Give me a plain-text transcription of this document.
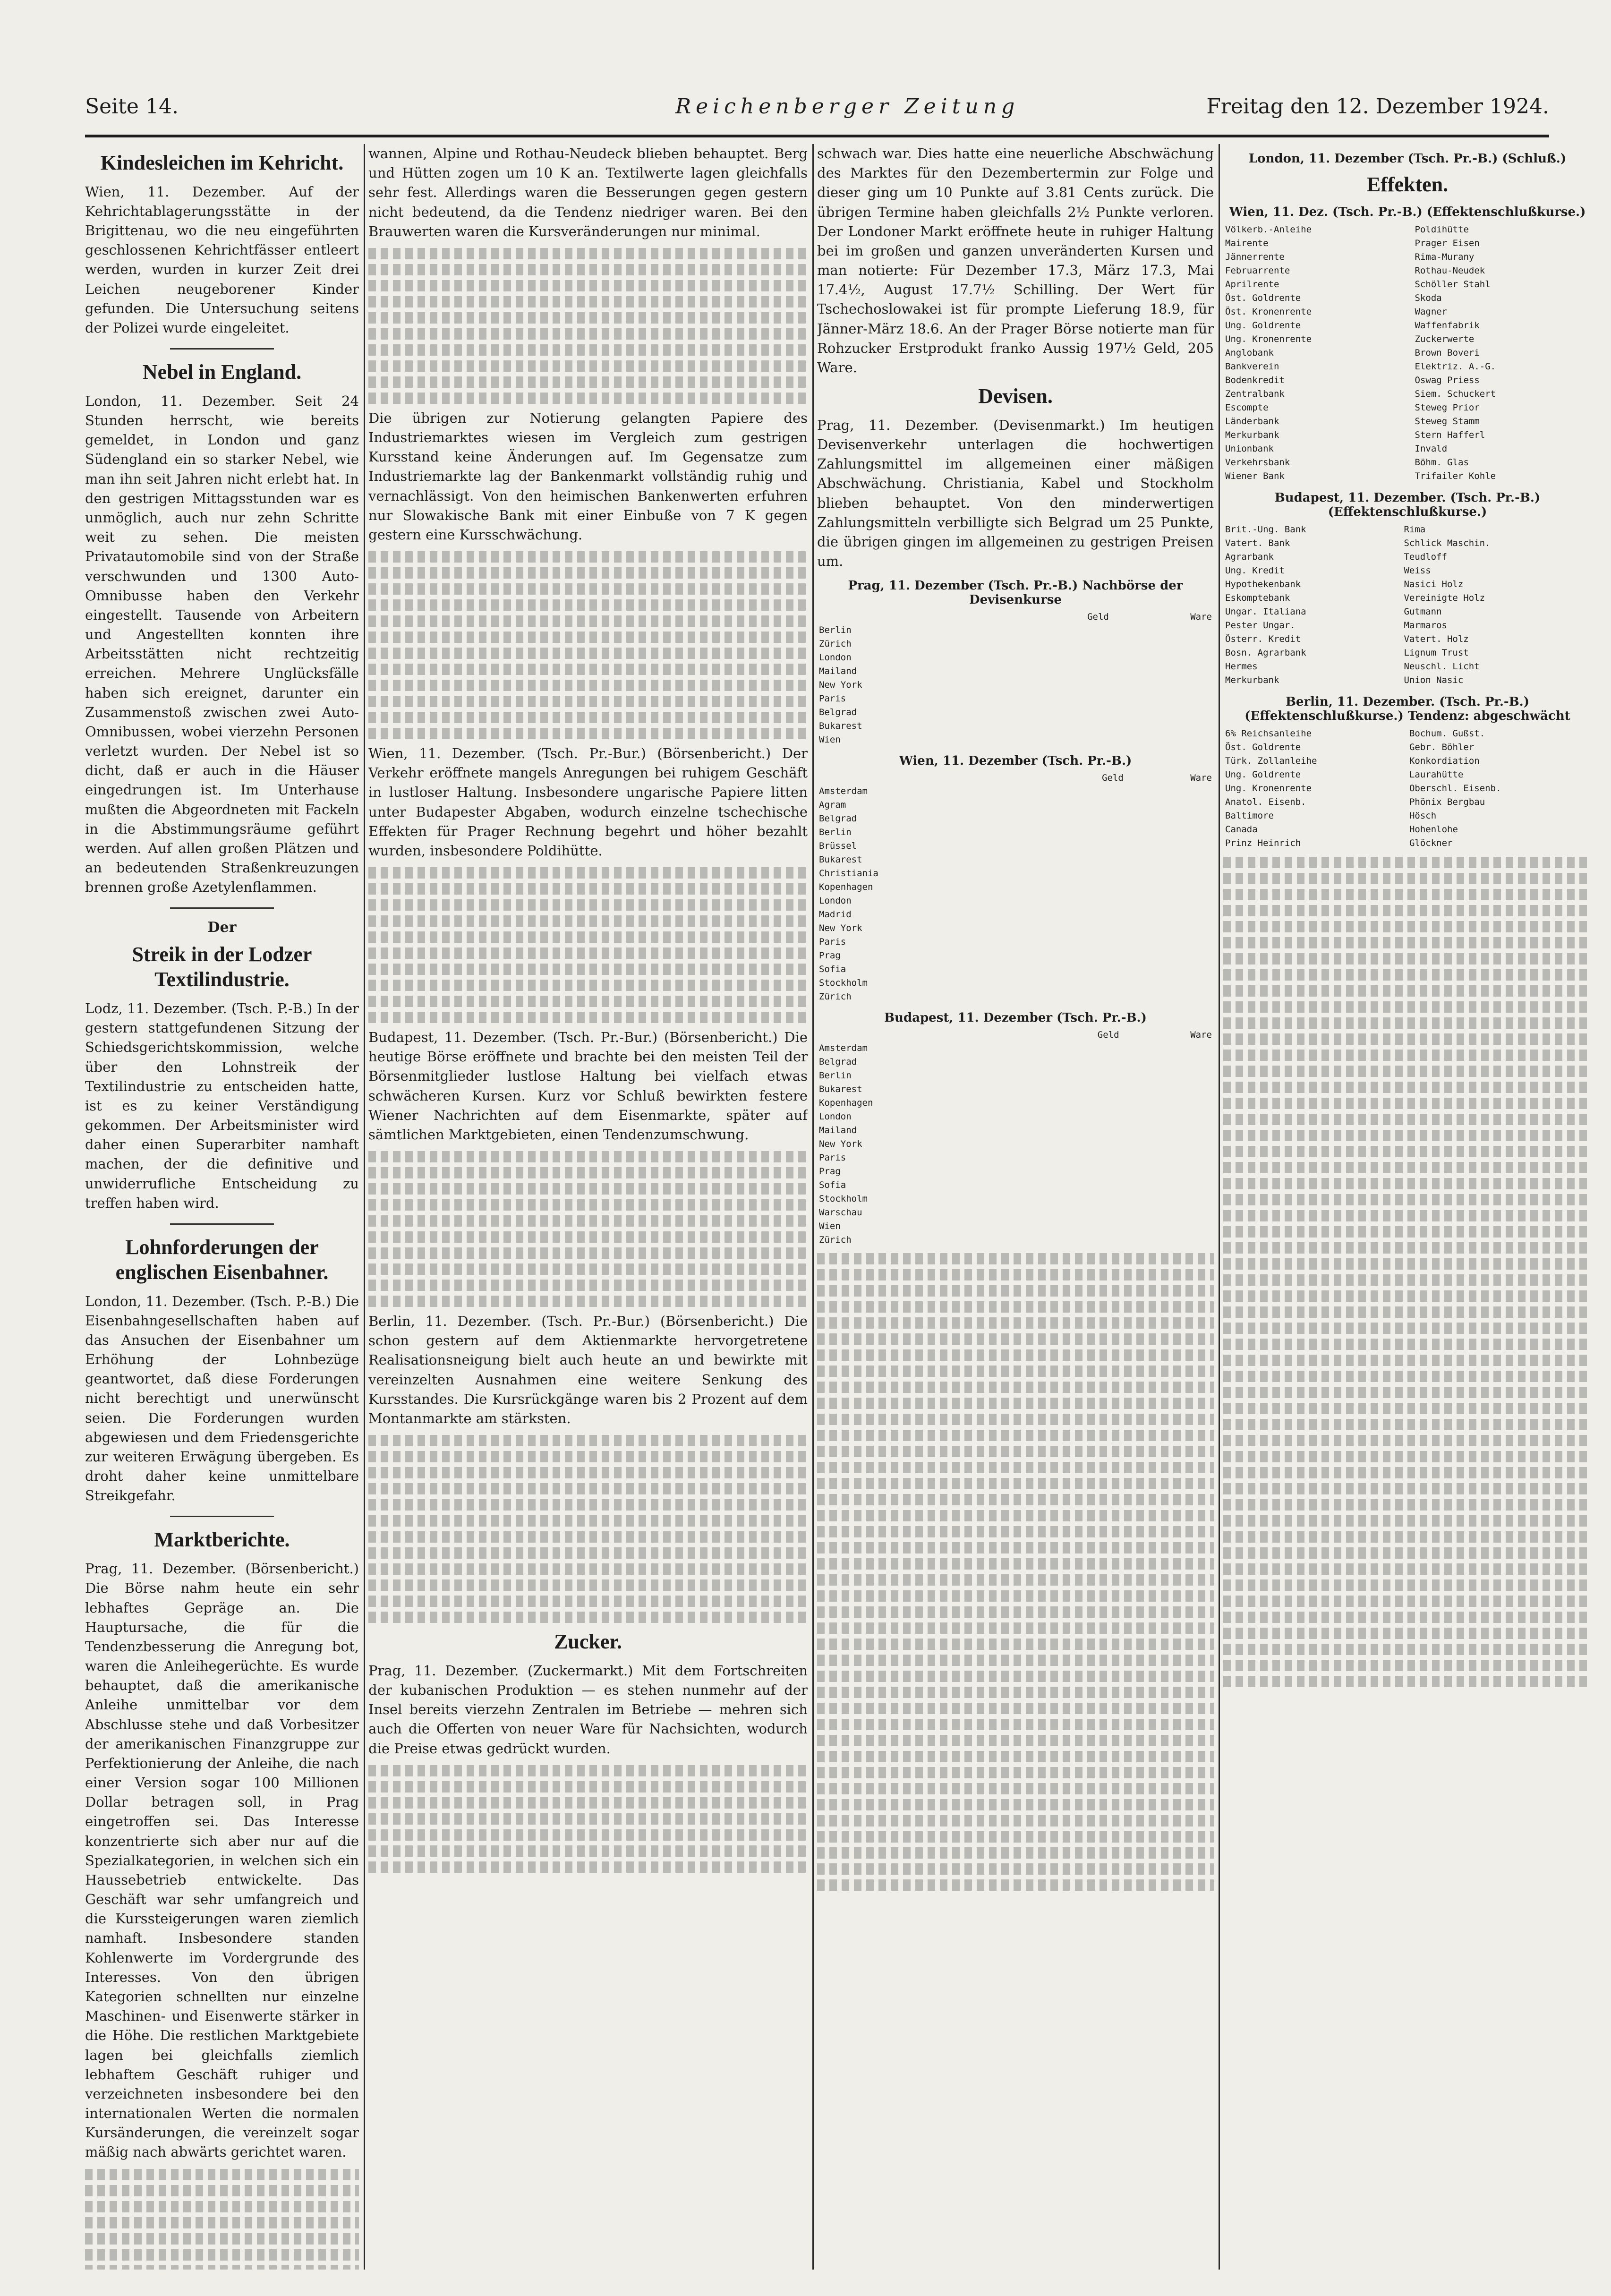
Seite 14.	Reichenberger Zeitung	Freitag den 12. Dezember 1924.
Kindesleichen im Kehricht.

Wien, 11. Dezember. Auf der Kehrichtablagerungsstätte in der Brigittenau, wo die neu eingeführten geschlossenen Kehrichtfässer entleert werden, wurden in kurzer Zeit drei Leichen neugeborener Kinder gefunden. Die Untersuchung seitens der Polizei wurde eingeleitet.

Nebel in England.

London, 11. Dezember. Seit 24 Stunden herrscht, wie bereits gemeldet, in London und ganz Südengland ein so starker Nebel, wie man ihn seit Jahren nicht erlebt hat. In den gestrigen Mittagsstunden war es unmöglich, auch nur zehn Schritte weit zu sehen. Die meisten Privatautomobile sind von der Straße verschwunden und 1300 Auto-Omnibusse haben den Verkehr eingestellt. Tausende von Arbeitern und Angestellten konnten ihre Arbeitsstätten nicht rechtzeitig erreichen. Mehrere Unglücksfälle haben sich ereignet, darunter ein Zusammenstoß zwischen zwei Auto-Omnibussen, wobei vierzehn Personen verletzt wurden. Der Nebel ist so dicht, daß er auch in die Häuser eingedrungen ist. Im Unterhause mußten die Abgeordneten mit Fackeln in die Abstimmungsräume geführt werden. Auf allen großen Plätzen und an bedeutenden Straßenkreuzungen brennen große Azetylenflammen.

Der
Streik in der Lodzer Textilindustrie.

Lodz, 11. Dezember. (Tsch. P.-B.) In der gestern stattgefundenen Sitzung der Schiedsgerichtskommission, welche über den Lohnstreik der Textilindustrie zu entscheiden hatte, ist es zu keiner Verständigung gekommen. Der Arbeitsminister wird daher einen Superarbiter namhaft machen, der die definitive und unwiderrufliche Entscheidung zu treffen haben wird.

Lohnforderungen der englischen Eisenbahner.

London, 11. Dezember. (Tsch. P.-B.) Die Eisenbahngesellschaften haben auf das Ansuchen der Eisenbahner um Erhöhung der Lohnbezüge geantwortet, daß diese Forderungen nicht berechtigt und unerwünscht seien. Die Forderungen wurden abgewiesen und dem Friedensgerichte zur weiteren Erwägung übergeben. Es droht daher keine unmittelbare Streikgefahr.

Marktberichte.

Prag, 11. Dezember. (Börsenbericht.) Die Börse nahm heute ein sehr lebhaftes Gepräge an. Die Hauptursache, die für die Tendenzbesserung die Anregung bot, waren die Anleihegerüchte. Es wurde behauptet, daß die amerikanische Anleihe unmittelbar vor dem Abschlusse stehe und daß Vorbesitzer der amerikanischen Finanzgruppe zur Perfektionierung der Anleihe, die nach einer Version sogar 100 Millionen Dollar betragen soll, in Prag eingetroffen sei. Das Interesse konzentrierte sich aber nur auf die Spezialkategorien, in welchen sich ein Haussebetrieb entwickelte. Das Geschäft war sehr umfangreich und die Kurssteigerungen waren ziemlich namhaft. Insbesondere standen Kohlenwerte im Vordergrunde des Interesses. Von den übrigen Kategorien schnellten nur einzelne Maschinen- und Eisenwerte stärker in die Höhe. Die restlichen Marktgebiete lagen bei gleichfalls ziemlich lebhaftem Geschäft ruhiger und verzeichneten insbesondere bei den internationalen Werten die normalen Kursänderungen, die vereinzelt sogar mäßig nach abwärts gerichtet waren.

wannen, Alpine und Rothau-Neudeck blieben behauptet. Berg und Hütten zogen um 10 K an. Textilwerte lagen gleichfalls sehr fest. Allerdings waren die Besserungen gegen gestern nicht bedeutend, da die Tendenz niedriger waren. Bei den Brauwerten waren die Kursveränderungen nur minimal.

Die übrigen zur Notierung gelangten Papiere des Industriemarktes wiesen im Vergleich zum gestrigen Kursstand keine Änderungen auf. Im Gegensatze zum Industriemarkte lag der Bankenmarkt vollständig ruhig und vernachlässigt. Von den heimischen Bankenwerten erfuhren nur Slowakische Bank mit einer Einbuße von 7 K gegen gestern eine Kursschwächung.

Wien, 11. Dezember. (Tsch. Pr.-Bur.) (Börsenbericht.) Der Verkehr eröffnete mangels Anregungen bei ruhigem Geschäft in lustloser Haltung. Insbesondere ungarische Papiere litten unter Budapester Abgaben, wodurch einzelne tschechische Effekten für Prager Rechnung begehrt und höher bezahlt wurden, insbesondere Poldihütte.

Budapest, 11. Dezember. (Tsch. Pr.-Bur.) (Börsenbericht.) Die heutige Börse eröffnete und brachte bei den meisten Teil der Börsenmitglieder lustlose Haltung bei vielfach etwas schwächeren Kursen. Kurz vor Schluß bewirkten festere Wiener Nachrichten auf dem Eisenmarkte, später auf sämtlichen Marktgebieten, einen Tendenzumschwung.

Berlin, 11. Dezember. (Tsch. Pr.-Bur.) (Börsenbericht.) Die schon gestern auf dem Aktienmarkte hervorgetretene Realisationsneigung bielt auch heute an und bewirkte mit vereinzelten Ausnahmen eine weitere Senkung des Kursstandes. Die Kursrückgänge waren bis 2 Prozent auf dem Montanmarkte am stärksten.

Zucker.

Prag, 11. Dezember. (Zuckermarkt.) Mit dem Fortschreiten der kubanischen Produktion — es stehen nunmehr auf der Insel bereits vierzehn Zentralen im Betriebe — mehren sich auch die Offerten von neuer Ware für Nachsichten, wodurch die Preise etwas gedrückt wurden.

schwach war. Dies hatte eine neuerliche Abschwächung des Marktes für den Dezembertermin zur Folge und dieser ging um 10 Punkte auf 3.81 Cents zurück. Die übrigen Termine haben gleichfalls 2½ Punkte verloren. Der Londoner Markt eröffnete heute in ruhiger Haltung bei im großen und ganzen unveränderten Kursen und man notierte: Für Dezember 17.3, März 17.3, Mai 17.4½, August 17.7½ Schilling. Der Wert für Tschechoslowakei ist für prompte Lieferung 18.9, für Jänner-März 18.6. An der Prager Börse notierte man für Rohzucker Erstprodukt franko Aussig 197½ Geld, 205 Ware.

Devisen.

Prag, 11. Dezember. (Devisenmarkt.) Im heutigen Devisenverkehr unterlagen die hochwertigen Zahlungsmittel im allgemeinen einer mäßigen Abschwächung. Christiania, Kabel und Stockholm blieben behauptet. Von den minderwertigen Zahlungsmitteln verbilligte sich Belgrad um 25 Punkte, die übrigen gingen im allgemeinen zu gestrigen Preisen um.

Prag, 11. Dezember (Tsch. Pr.-B.) Nachbörse der Devisenkurse
	Geld	Ware
Berlin		
Zürich		
London		
Mailand		
New York		
Paris		
Belgrad		
Bukarest		
Wien		
Wien, 11. Dezember (Tsch. Pr.-B.)
	Geld	Ware
Amsterdam		
Agram		
Belgrad		
Berlin		
Brüssel		
Bukarest		
Christiania		
Kopenhagen		
London		
Madrid		
New York		
Paris		
Prag		
Sofia		
Stockholm		
Zürich		
Budapest, 11. Dezember (Tsch. Pr.-B.)
	Geld	Ware
Amsterdam		
Belgrad		
Berlin		
Bukarest		
Kopenhagen		
London		
Mailand		
New York		
Paris		
Prag		
Sofia		
Stockholm		
Warschau		
Wien		
Zürich		
London, 11. Dezember (Tsch. Pr.-B.) (Schluß.)
Effekten.
Wien, 11. Dez. (Tsch. Pr.-B.) (Effektenschlußkurse.)
Völkerb.-Anleihe		Poldihütte	
Mairente		Prager Eisen	
Jännerrente		Rima-Murany	
Februarrente		Rothau-Neudek	
Aprilrente		Schöller Stahl	
Öst. Goldrente		Skoda	
Öst. Kronenrente		Wagner	
Ung. Goldrente		Waffenfabrik	
Ung. Kronenrente		Zuckerwerte	
Anglobank		Brown Boveri	
Bankverein		Elektriz. A.-G.	
Bodenkredit		Oswag Priess	
Zentralbank		Siem. Schuckert	
Escompte		Steweg Prior	
Länderbank		Steweg Stamm	
Merkurbank		Stern Hafferl	
Unionbank		Invald	
Verkehrsbank		Böhm. Glas	
Wiener Bank		Trifailer Kohle	
Budapest, 11. Dezember. (Tsch. Pr.-B.) (Effektenschlußkurse.)
Brit.-Ung. Bank		Rima	
Vatert. Bank		Schlick Maschin.	
Agrarbank		Teudloff	
Ung. Kredit		Weiss	
Hypothekenbank		Nasici Holz	
Eskomptebank		Vereinigte Holz	
Ungar. Italiana		Gutmann	
Pester Ungar.		Marmaros	
Österr. Kredit		Vatert. Holz	
Bosn. Agrarbank		Lignum Trust	
Hermes		Neuschl. Licht	
Merkurbank		Union Nasic	
Berlin, 11. Dezember. (Tsch. Pr.-B.) (Effektenschlußkurse.) Tendenz: abgeschwächt
6% Reichsanleihe		Bochum. Gußst.	
Öst. Goldrente		Gebr. Böhler	
Türk. Zollanleihe		Konkordiation	
Ung. Goldrente		Laurahütte	
Ung. Kronenrente		Oberschl. Eisenb.	
Anatol. Eisenb.		Phönix Bergbau	
Baltimore		Hösch	
Canada		Hohenlohe	
Prinz Heinrich		Glöckner	
